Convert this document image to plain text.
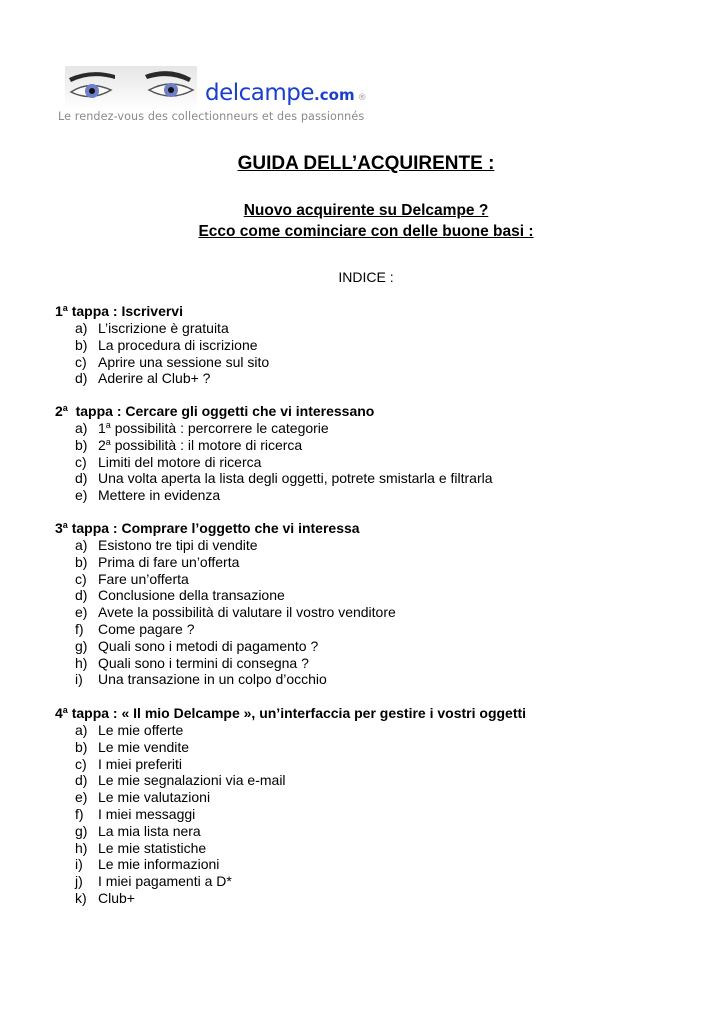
delcampe.com ®
Le rendez-vous des collectionneurs et des passionnés
GUIDA DELL’ACQUIRENTE :
Nuovo acquirente su Delcampe ?
Ecco come cominciare con delle buone basi :
INDICE :
1$^a$ tappa : Iscrivervi
a) L’iscrizione è gratuita
b) La procedura di iscrizione
c) Aprire una sessione sul sito
d) Aderire al Club+ ?
2$^a$  tappa : Cercare gli oggetti che vi interessano
a) 1$^a$ possibilità : percorrere le categorie
b) 2$^a$ possibilità : il motore di ricerca
c) Limiti del motore di ricerca
d) Una volta aperta la lista degli oggetti, potrete smistarla e filtrarla
e) Mettere in evidenza
3$^a$ tappa : Comprare l’oggetto che vi interessa
a) Esistono tre tipi di vendite
b) Prima di fare un’offerta
c) Fare un’offerta
d) Conclusione della transazione
e) Avete la possibilità di valutare il vostro venditore
f) Come pagare ?
g) Quali sono i metodi di pagamento ?
h) Quali sono i termini di consegna ?
i) Una transazione in un colpo d’occhio
4$^a$ tappa : « Il mio Delcampe », un’interfaccia per gestire i vostri oggetti
a) Le mie offerte
b) Le mie vendite
c) I miei preferiti
d) Le mie segnalazioni via e-mail
e) Le mie valutazioni
f) I miei messaggi
g) La mia lista nera
h) Le mie statistiche
i) Le mie informazioni
j) I miei pagamenti a D*
k) Club+
